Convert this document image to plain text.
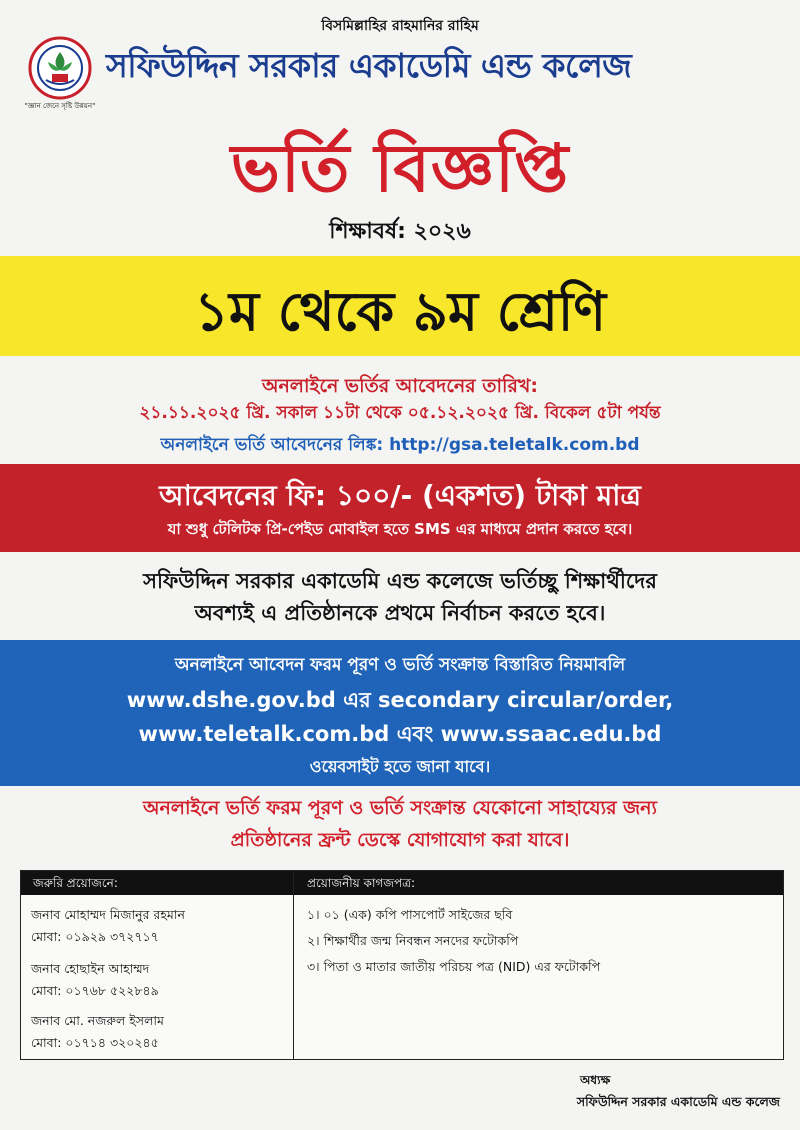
বিসমিল্লাহির রাহমানির রাহিম
"জ্ঞান জেনে সৃষ্টি উন্নয়ন"
সফিউদ্দিন সরকার একাডেমি এন্ড কলেজ
ভর্তি বিজ্ঞপ্তি
শিক্ষাবর্ষ: ২০২৬
১ম থেকে ৯ম শ্রেণি
অনলাইনে ভর্তির আবেদনের তারিখ:
২১.১১.২০২৫ খ্রি. সকাল ১১টা থেকে ০৫.১২.২০২৫ খ্রি. বিকেল ৫টা পর্যন্ত
অনলাইনে ভর্তি আবেদনের লিঙ্ক: http://gsa.teletalk.com.bd
আবেদনের ফি: ১০০/- (একশত) টাকা মাত্র
যা শুধু টেলিটক প্রি-পেইড মোবাইল হতে SMS এর মাধ্যমে প্রদান করতে হবে।
সফিউদ্দিন সরকার একাডেমি এন্ড কলেজে ভর্তিচ্ছু শিক্ষার্থীদের
অবশ্যই এ প্রতিষ্ঠানকে প্রথমে নির্বাচন করতে হবে।
অনলাইনে আবেদন ফরম পূরণ ও ভর্তি সংক্রান্ত বিস্তারিত নিয়মাবলি
www.dshe.gov.bd এর secondary circular/order,
www.teletalk.com.bd এবং www.ssaac.edu.bd
ওয়েবসাইট হতে জানা যাবে।
অনলাইনে ভর্তি ফরম পূরণ ও ভর্তি সংক্রান্ত যেকোনো সাহায্যের জন্য
প্রতিষ্ঠানের ফ্রন্ট ডেস্কে যোগাযোগ করা যাবে।
জরুরি প্রয়োজনে:	প্রয়োজনীয় কাগজপত্র:
জনাব মোহাম্মদ মিজানুর রহমান
মোবা: ০১৯২৯ ৩৭২৭১৭
জনাব হোছাইন আহাম্মদ
মোবা: ০১৭৬৮ ৫২২৮৪৯
জনাব মো. নজরুল ইসলাম
মোবা: ০১৭১৪ ৩২০২৪৫
১। ০১ (এক) কপি পাসপোর্ট সাইজের ছবি
২। শিক্ষার্থীর জন্ম নিবন্ধন সনদের ফটোকপি
৩। পিতা ও মাতার জাতীয় পরিচয় পত্র (NID) এর ফটোকপি
অধ্যক্ষ
সফিউদ্দিন সরকার একাডেমি এন্ড কলেজ
